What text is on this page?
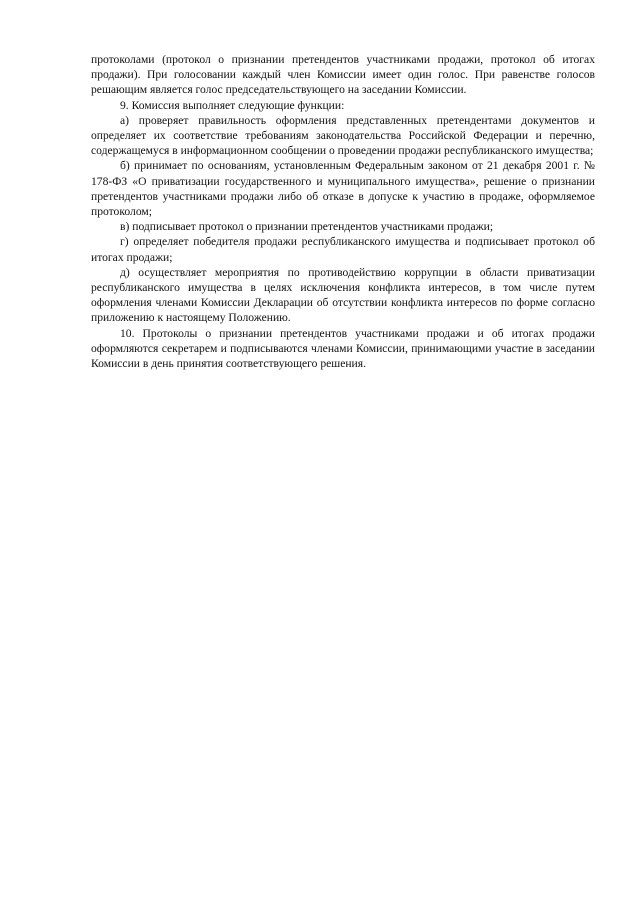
протоколами (протокол о признании претендентов участниками продажи, протокол об итогах продажи). При голосовании каждый член Комиссии имеет один голос. При равенстве голосов решающим является голос председательствующего на заседании Комиссии.

9. Комиссия выполняет следующие функции:

а) проверяет правильность оформления представленных претендентами документов и определяет их соответствие требованиям законодательства Российской Федерации и перечню, содержащемуся в информационном сообщении о проведении продажи республиканского имущества;

б) принимает по основаниям, установленным Федеральным законом от 21 декабря 2001 г. № 178-ФЗ «О приватизации государственного и муниципального имущества», решение о признании претендентов участниками продажи либо об отказе в допуске к участию в продаже, оформляемое протоколом;

в) подписывает протокол о признании претендентов участниками продажи;

г) определяет победителя продажи республиканского имущества и подписывает протокол об итогах продажи;

д) осуществляет мероприятия по противодействию коррупции в области приватизации республиканского имущества в целях исключения конфликта интересов, в том числе путем оформления членами Комиссии Декларации об отсутствии конфликта интересов по форме согласно приложению к настоящему Положению.

10. Протоколы о признании претендентов участниками продажи и об итогах продажи оформляются секретарем и подписываются членами Комиссии, принимающими участие в заседании Комиссии в день принятия соответствующего решения.
